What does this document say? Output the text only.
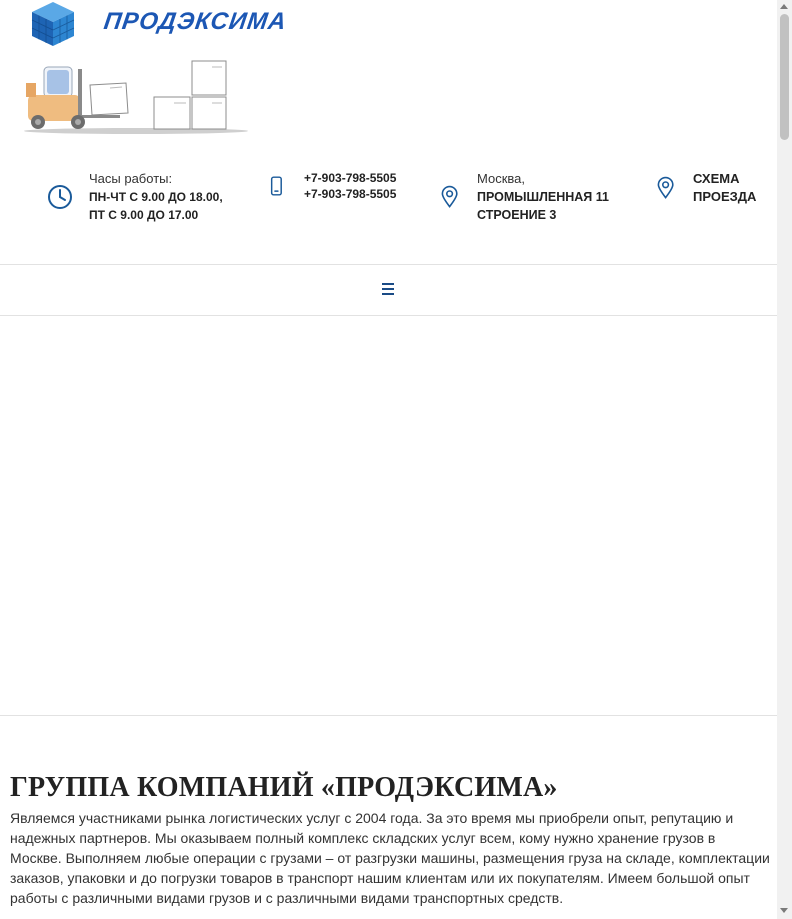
ПРОДЭКСИМА
Часы работы:
ПН-ЧТ С 9.00 ДО 18.00,
ПТ С 9.00 ДО 17.00
+7-903-798-5505
+7-903-798-5505
Москва,
ПРОМЫШЛЕННАЯ 11
СТРОЕНИЕ 3
СХЕМА
ПРОЕЗДА
ГРУППА КОМПАНИЙ «ПРОДЭКСИМА»

Являемся участниками рынка логистических услуг с 2004 года. За это время мы приобрели опыт, репутацию и надежных партнеров. Мы оказываем полный комплекс складских услуг всем, кому нужно хранение грузов в Москве. Выполняем любые операции с грузами – от разгрузки машины, размещения груза на складе, комплектации заказов, упаковки и до погрузки товаров в транспорт нашим клиентам или их покупателям. Имеем большой опыт работы с различными видами грузов и с различными видами транспортных средств.
